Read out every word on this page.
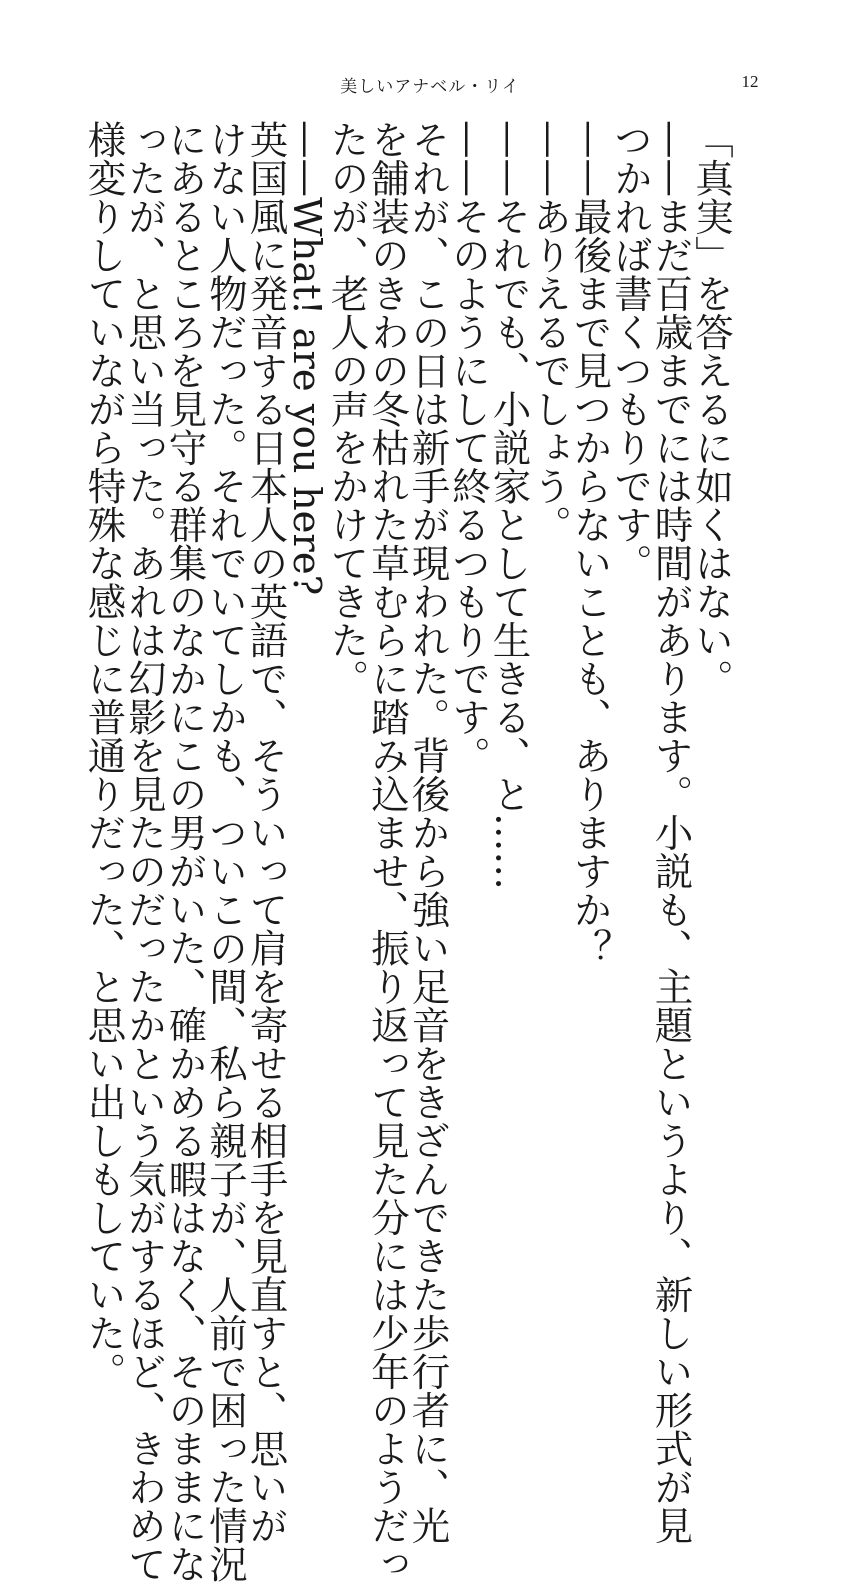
美しいアナベル・リイ	12
「真実」を答えるに如くはない。
——まだ百歳までには時間があります。小説も、主題というより、新しい形式が見
つかれば書くつもりです。
——最後まで見つからないことも、ありますか？
——ありえるでしょう。
——それでも、小説家として生きる、と……
——そのようにして終るつもりです。
それが、この日は新手が現われた。背後から強い足音をきざんできた歩行者に、光
を舗装のきわの冬枯れた草むらに踏み込ませ、振り返って見た分には少年のようだっ
たのが、老人の声をかけてきた。
——What! are you here?
英国風に発音する日本人の英語で、そういって肩を寄せる相手を見直すと、思いが
けない人物だった。それでいてしかも、ついこの間、私ら親子が、人前で困った情況
にあるところを見守る群集のなかにこの男がいた、確かめる暇はなく、そのままにな
ったが、と思い当った。あれは幻影を見たのだったかという気がするほど、きわめて
様変りしていながら特殊な感じに普通りだった、と思い出しもしていた。
